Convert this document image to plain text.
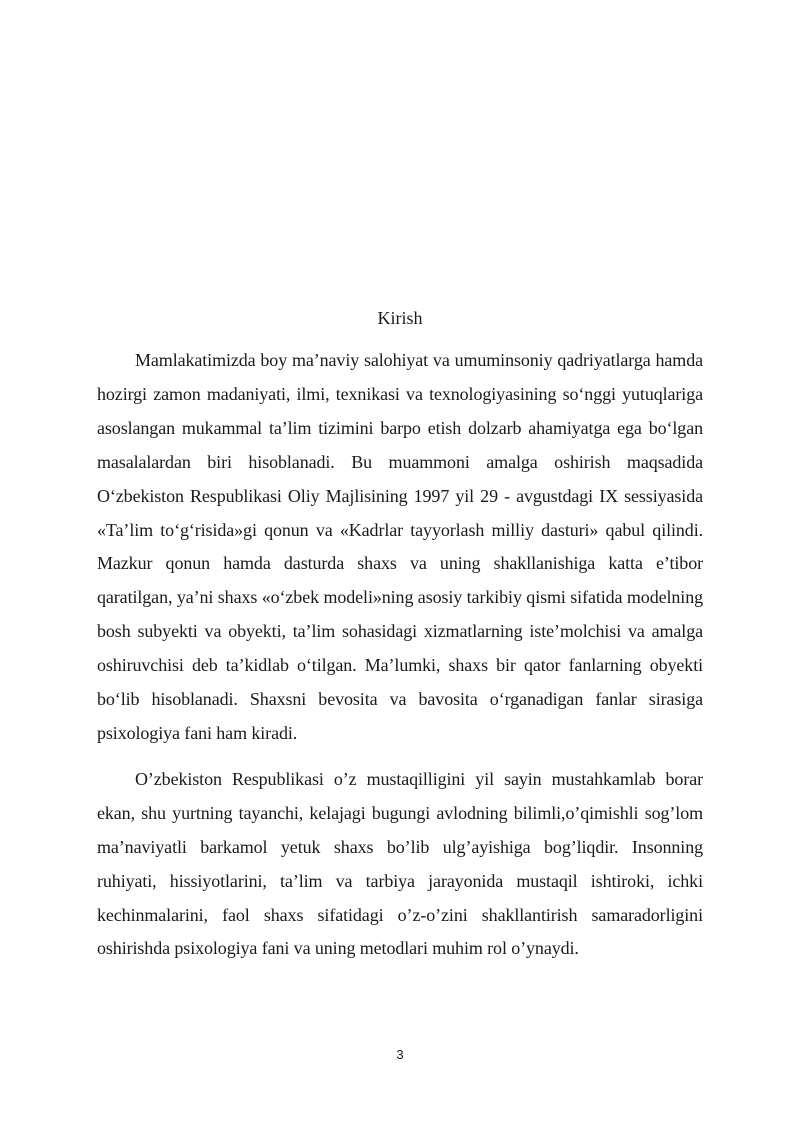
Kirish

Mamlakatimizda boy ma’naviy salohiyat va umuminsoniy qadriyatlarga hamda hozirgi zamon madaniyati, ilmi, texnikasi va texnologiyasining so‘nggi yutuqlariga asoslangan mukammal ta’lim tizimini barpo etish dolzarb ahamiyatga ega bo‘lgan masalalardan biri hisoblanadi. Bu muammoni amalga oshirish maqsadida O‘zbekiston Respublikasi Oliy Majlisining 1997 yil 29 - avgustdagi IX sessiyasida «Ta’lim to‘g‘risida»gi qonun va «Kadrlar tayyorlash milliy dasturi» qabul qilindi. Mazkur qonun hamda dasturda shaxs va uning shakllanishiga katta e’tibor qaratilgan, ya’ni shaxs «o‘zbek modeli»ning asosiy tarkibiy qismi sifatida modelning bosh subyekti va obyekti, ta’lim sohasidagi xizmatlarning iste’molchisi va amalga oshiruvchisi deb ta’kidlab o‘tilgan. Ma’lumki, shaxs bir qator fanlarning obyekti bo‘lib hisoblanadi. Shaxsni bevosita va bavosita o‘rganadigan fanlar sirasiga psixologiya fani ham kiradi.

O’zbekiston Respublikasi o’z mustaqilligini yil sayin mustahkamlab borar ekan, shu yurtning tayanchi, kelajagi bugungi avlodning bilimli,o’qimishli sog’lom ma’naviyatli barkamol yetuk shaxs bo’lib ulg’ayishiga bog’liqdir. Insonning ruhiyati, hissiyotlarini, ta’lim va tarbiya jarayonida mustaqil ishtiroki, ichki kechinmalarini, faol shaxs sifatidagi o’z-o’zini shakllantirish samaradorligini oshirishda psixologiya fani va uning metodlari muhim rol o’ynaydi.

3
